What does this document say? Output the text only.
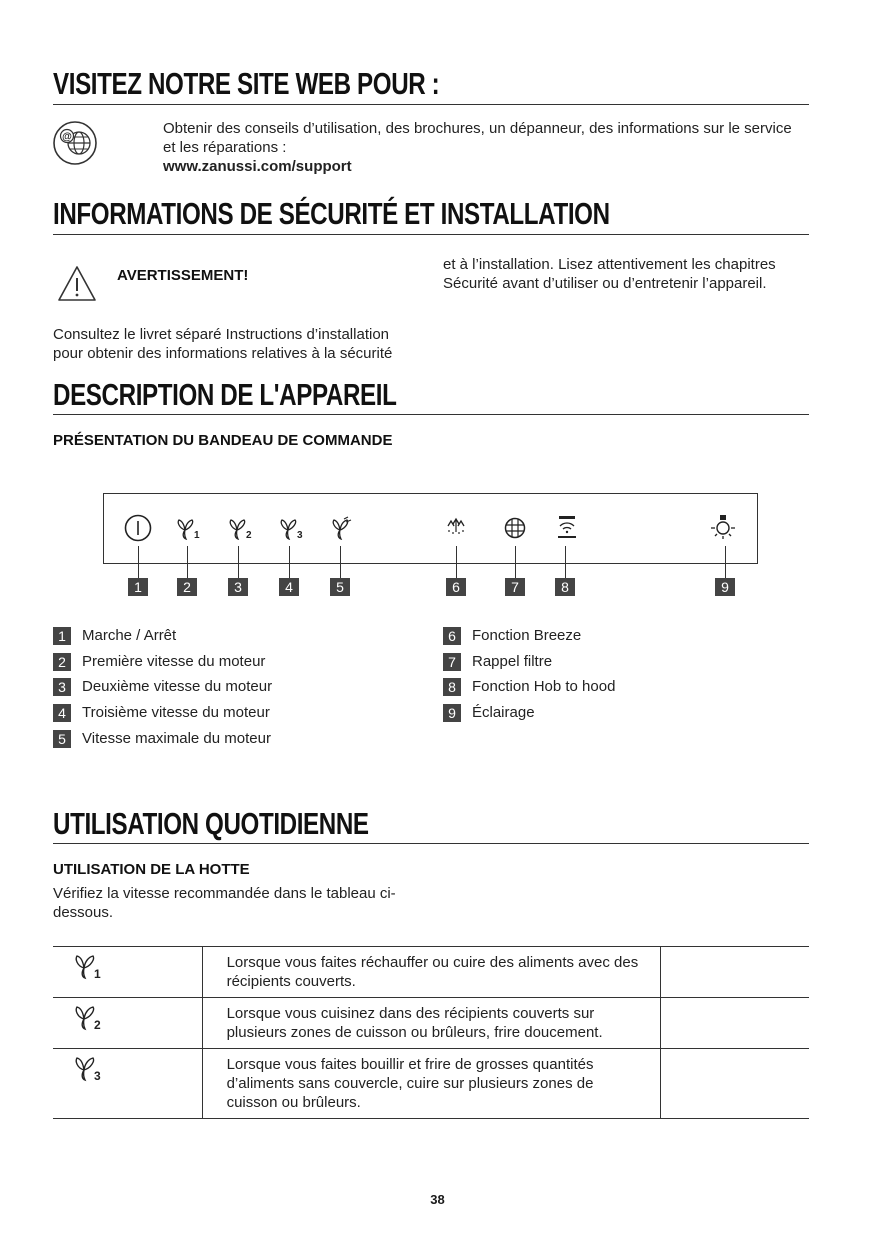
VISITEZ NOTRE SITE WEB POUR :
@	Obtenir des conseils d’utilisation, des brochures, un dépanneur, des informations sur le service et les réparations :
www.zanussi.com/support
INFORMATIONS DE SÉCURITÉ ET INSTALLATION
AVERTISSEMENT!
Consultez le livret séparé Instructions d’installation pour obtenir des informations relatives à la sécurité
et à l’installation. Lisez attentivement les chapitres Sécurité avant d’utiliser ou d’entretenir l’appareil.
DESCRIPTION DE L'APPAREIL
PRÉSENTATION DU BANDEAU DE COMMANDE
1	2	3
1	2	3	4	5	6	7	8	9
1	Marche / Arrêt
2	Première vitesse du moteur
3	Deuxième vitesse du moteur
4	Troisième vitesse du moteur
5	Vitesse maximale du moteur
6	Fonction Breeze
7	Rappel filtre
8	Fonction Hob to hood
9	Éclairage
UTILISATION QUOTIDIENNE
UTILISATION DE LA HOTTE
Vérifiez la vitesse recommandée dans le tableau ci-dessous.
1	Lorsque vous faites réchauffer ou cuire des aliments avec des récipients couverts.	

2	Lorsque vous cuisinez dans des récipients couverts sur plusieurs zones de cuisson ou brûleurs, frire doucement.	

3	Lorsque vous faites bouillir et frire de grosses quantités d’aliments sans couvercle, cuire sur plusieurs zones de cuisson ou brûleurs.	
38
